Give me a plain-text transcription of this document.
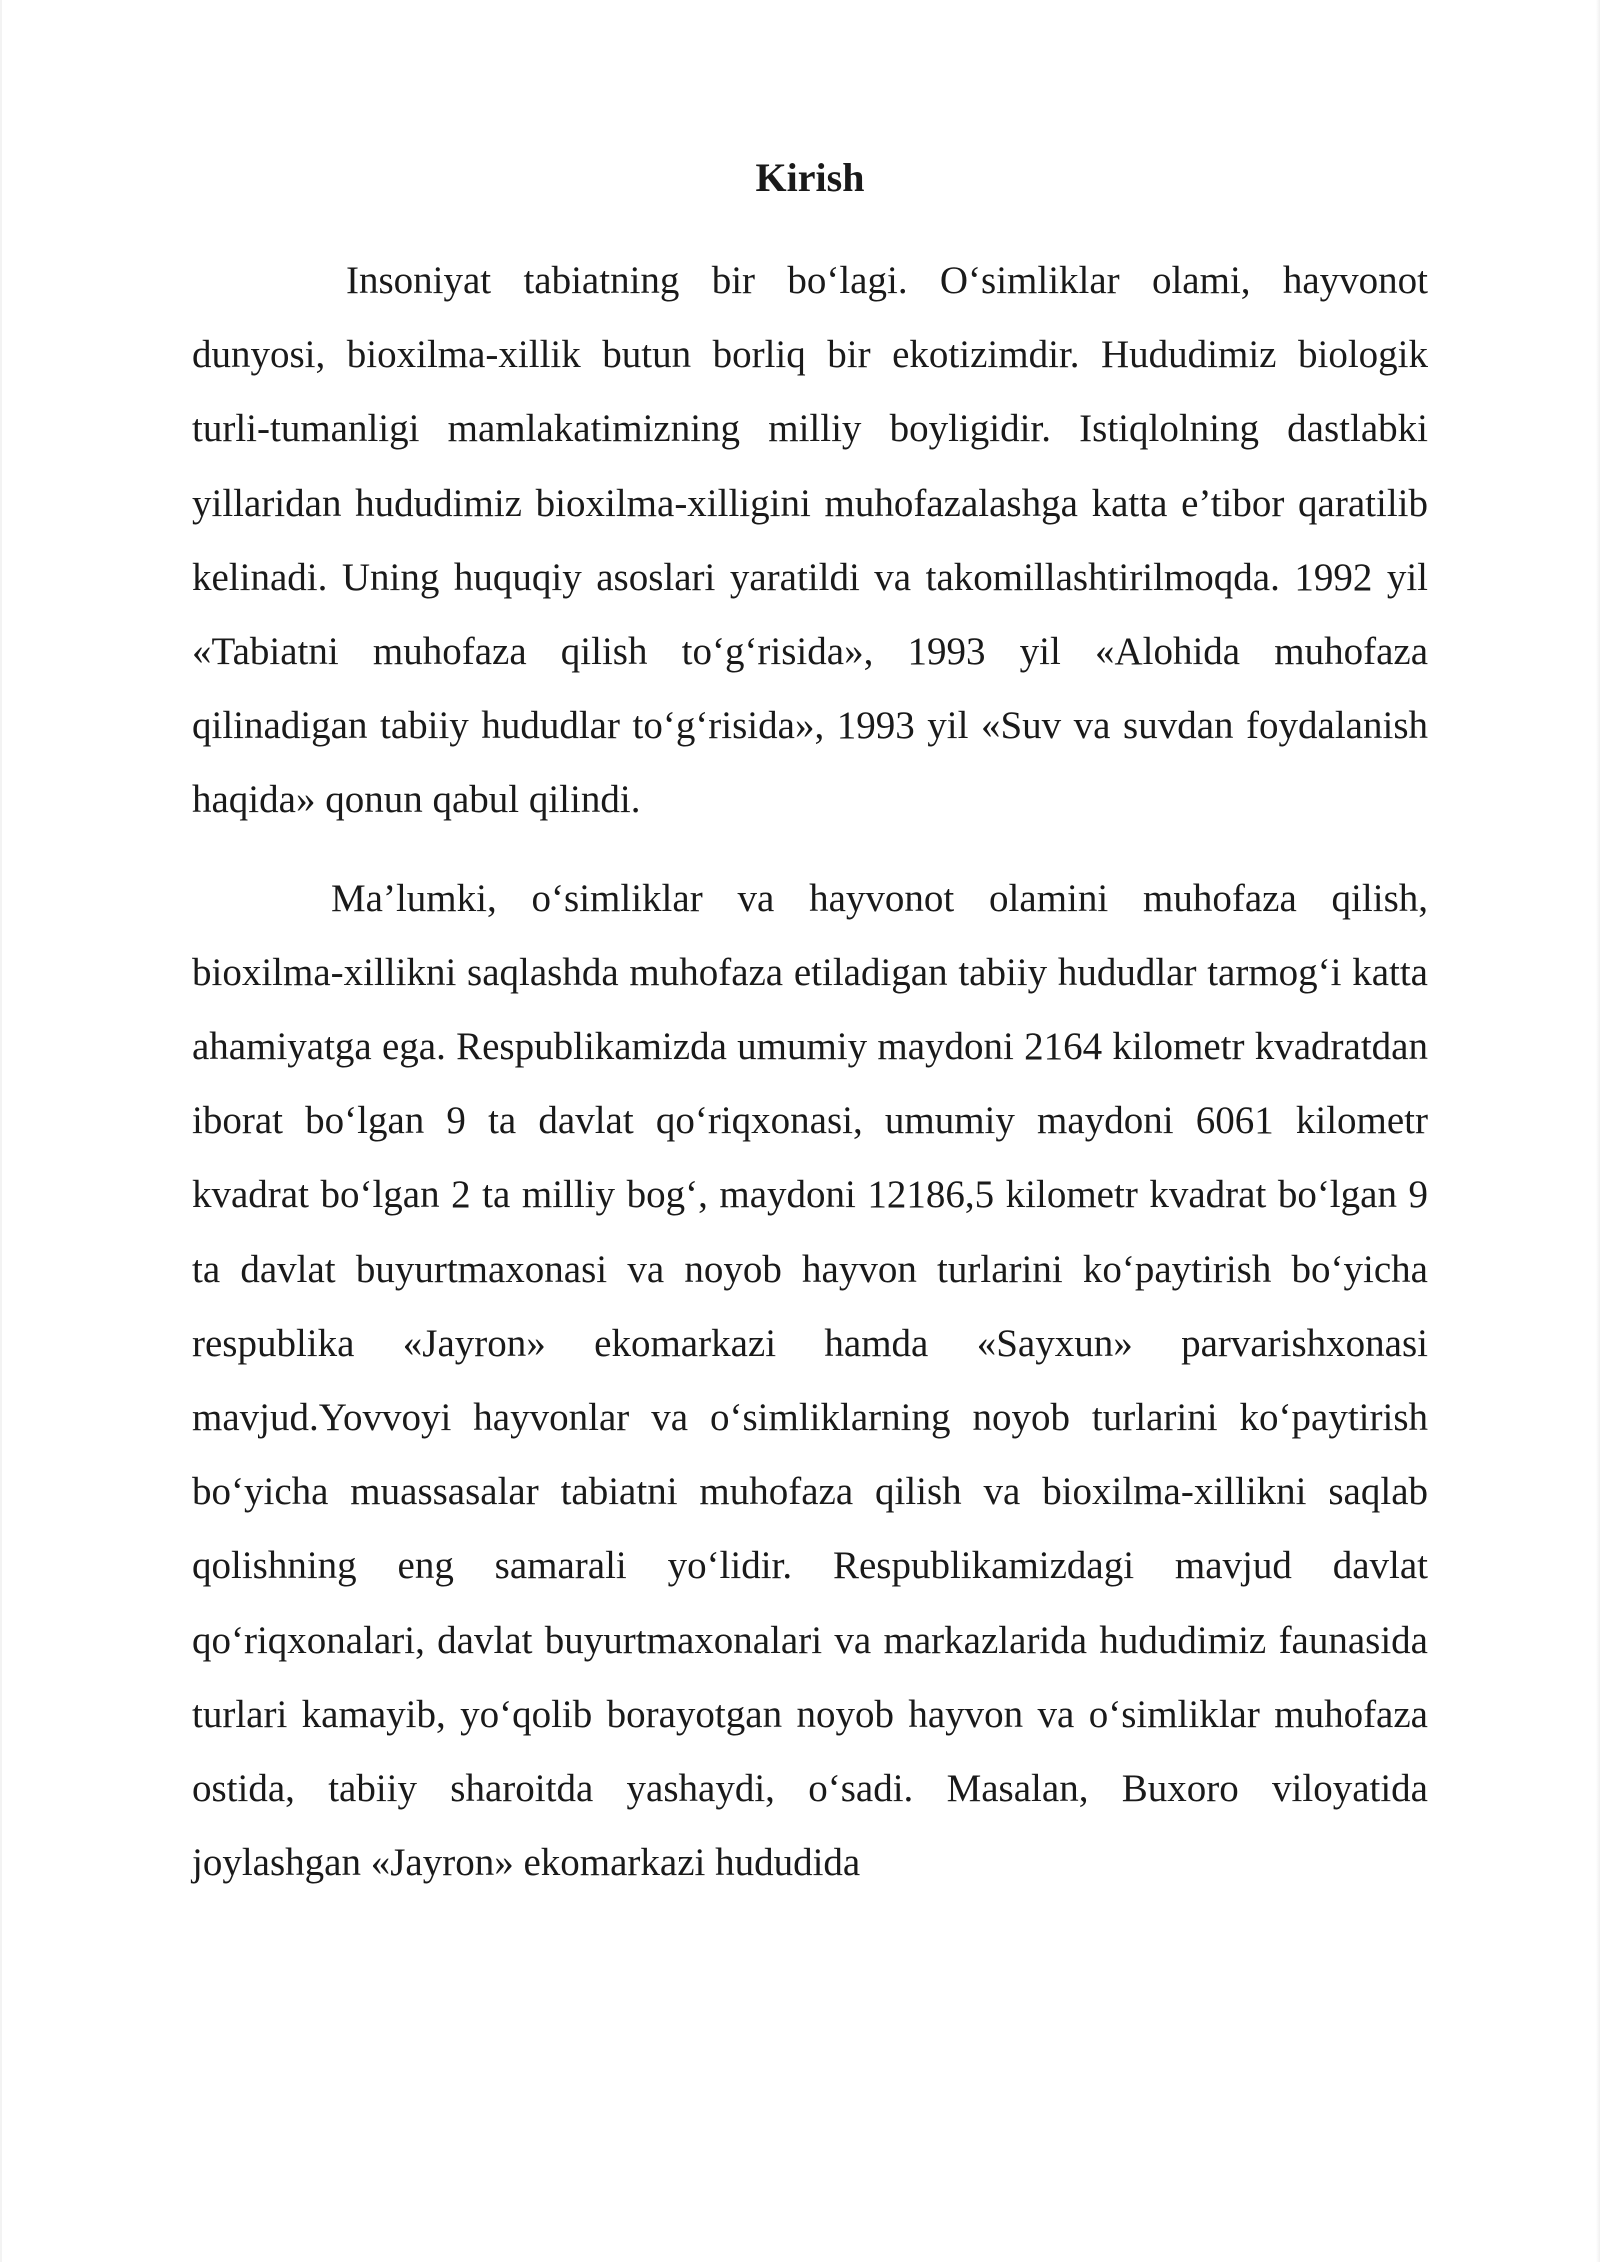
Kirish

Insoniyat tabiatning bir bo‘lagi. O‘simliklar olami, hayvonot dunyosi, bioxilma-xillik butun borliq bir ekotizimdir. Hududimiz biologik turli-tumanligi mamlakatimizning milliy boyligidir. Istiqlolning dastlabki yillaridan hududimiz bioxilma-xilligini muhofazalashga katta e’tibor qaratilib kelinadi. Uning huquqiy asoslari yaratildi va takomillashtirilmoqda. 1992 yil «Tabiatni muhofaza qilish to‘g‘risida», 1993 yil «Alohida muhofaza qilinadigan tabiiy hududlar to‘g‘risida», 1993 yil «Suv va suvdan foydalanish haqida» qonun qabul qilindi.

Ma’lumki, o‘simliklar va hayvonot olamini muhofaza qilish, bioxilma-xillikni saqlashda muhofaza etiladigan tabiiy hududlar tarmog‘i katta ahamiyatga ega. Respublikamizda umumiy maydoni 2164 kilometr kvadratdan iborat bo‘lgan 9 ta davlat qo‘riqxonasi, umumiy maydoni 6061 kilometr kvadrat bo‘lgan 2 ta milliy bog‘, maydoni 12186,5 kilometr kvadrat bo‘lgan 9 ta davlat buyurtmaxonasi va noyob hayvon turlarini ko‘paytirish bo‘yicha respublika «Jayron» ekomarkazi hamda «Sayxun» parvarishxonasi mavjud.Yovvoyi hayvonlar va o‘simliklarning noyob turlarini ko‘paytirish bo‘yicha muassasalar tabiatni muhofaza qilish va bioxilma-xillikni saqlab qolishning eng samarali yo‘lidir. Respublikamizdagi mavjud davlat qo‘riqxonalari, davlat buyurtmaxonalari va markazlarida hududimiz faunasida turlari kamayib, yo‘qolib borayotgan noyob hayvon va o‘simliklar muhofaza ostida, tabiiy sharoitda yashaydi, o‘sadi. Masalan, Buxoro viloyatida joylashgan «Jayron» ekomarkazi hududida
